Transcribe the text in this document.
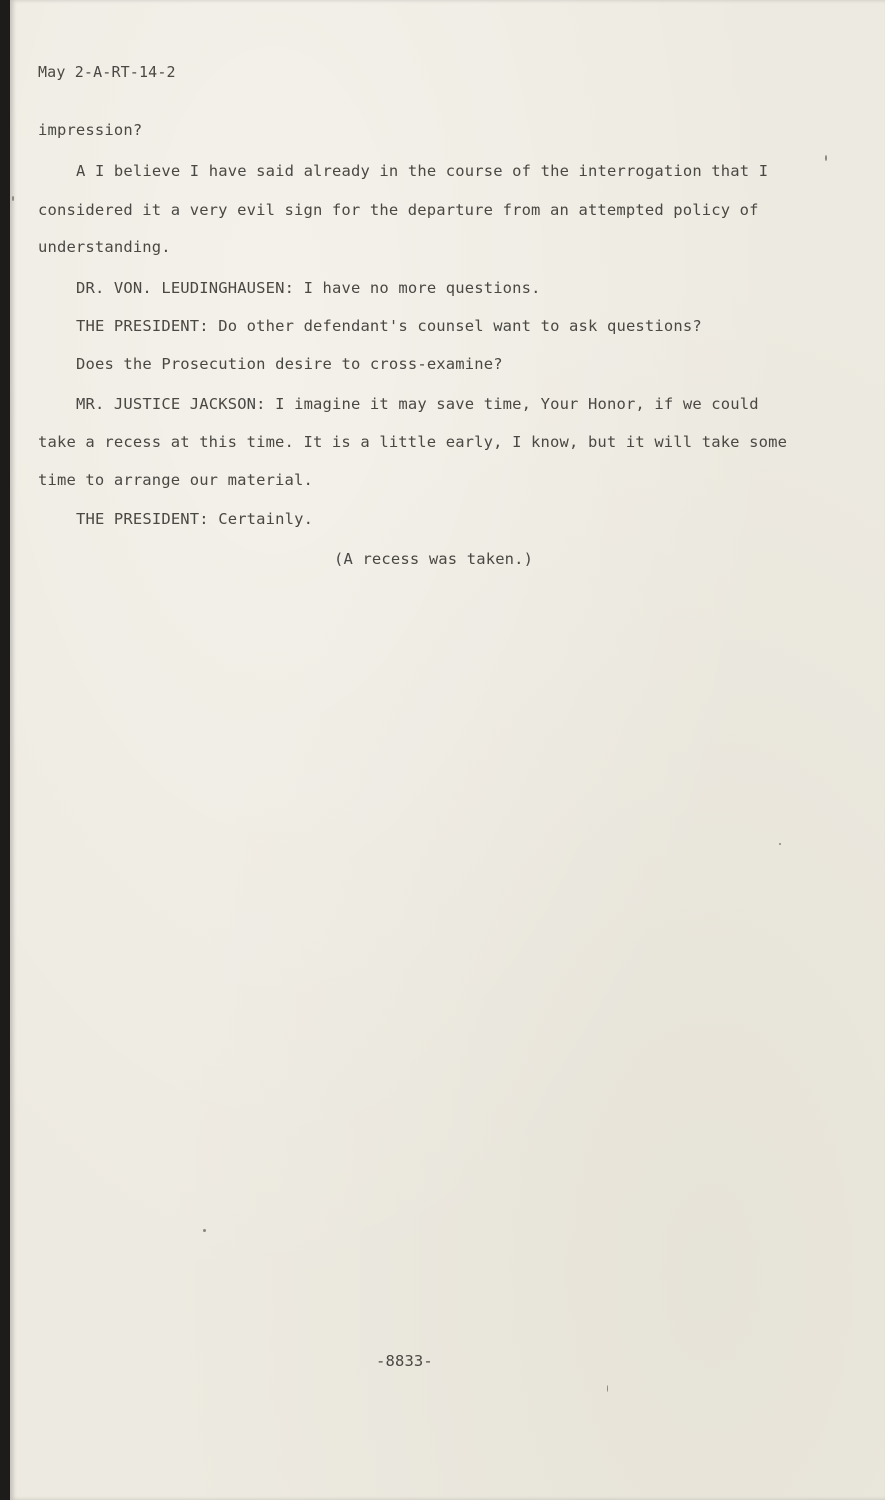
May 2-A-RT-14-2
impression?
A I believe I have said already in the course of the interrogation that I
considered it a very evil sign for the departure from an attempted policy of
understanding.
DR. VON. LEUDINGHAUSEN: I have no more questions.
THE PRESIDENT: Do other defendant's counsel want to ask questions?
Does the Prosecution desire to cross-examine?
MR. JUSTICE JACKSON: I imagine it may save time, Your Honor, if we could
take a recess at this time. It is a little early, I know, but it will take some
time to arrange our material.
THE PRESIDENT: Certainly.
(A recess was taken.)
-8833-
